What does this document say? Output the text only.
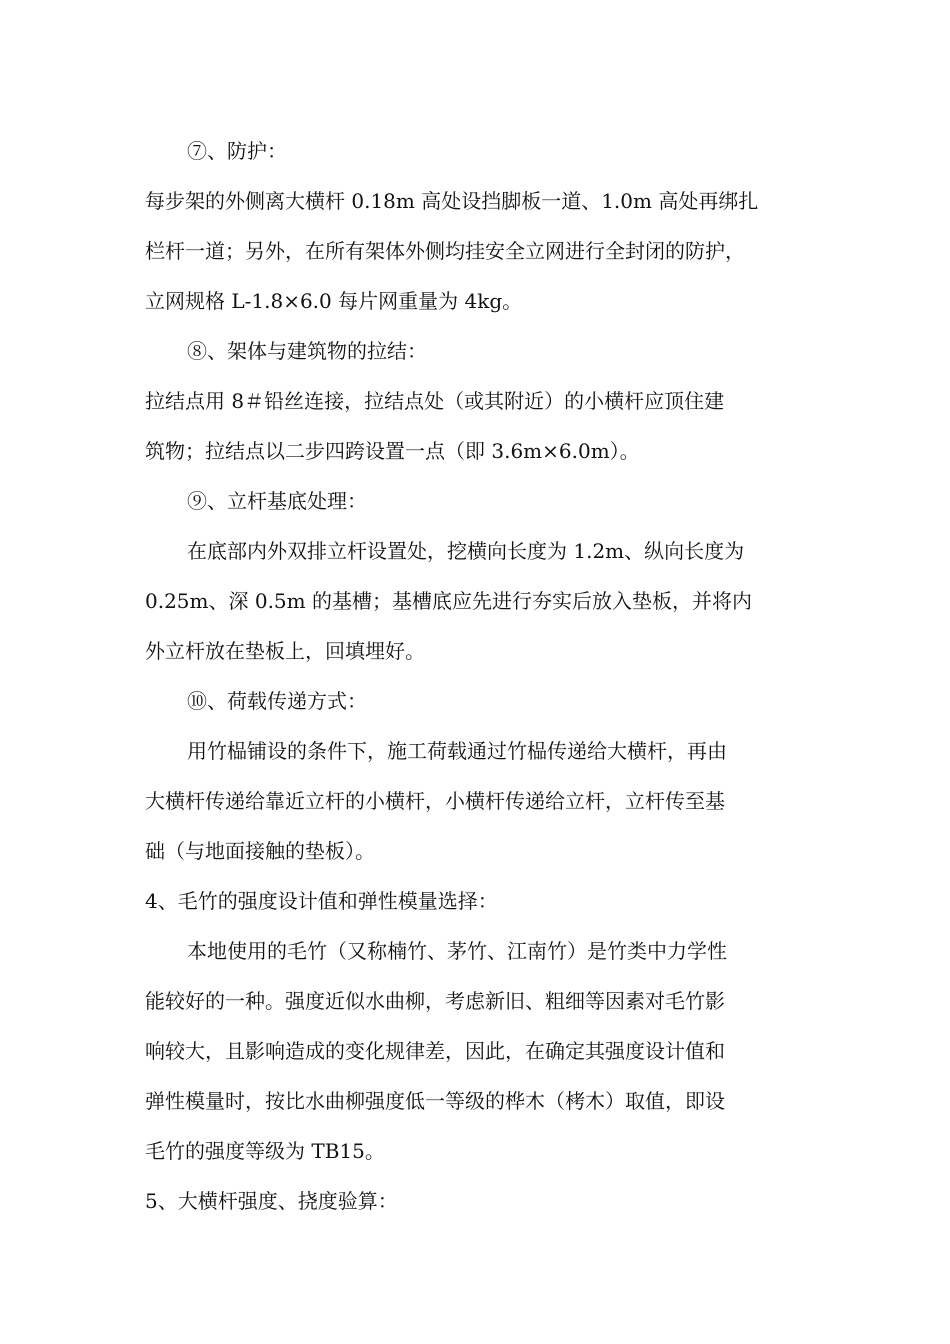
⑦、防护：
每步架的外侧离大横杆 0.18m 高处设挡脚板一道、1.0m 高处再绑扎
栏杆一道；另外，在所有架体外侧均挂安全立网进行全封闭的防护，
立网规格 L-1.8×6.0 每片网重量为 4kg。
⑧、架体与建筑物的拉结：
拉结点用 8＃铅丝连接，拉结点处（或其附近）的小横杆应顶住建
筑物；拉结点以二步四跨设置一点（即 3.6m×6.0m）。
⑨、立杆基底处理：
在底部内外双排立杆设置处，挖横向长度为 1.2m、纵向长度为
0.25m、深 0.5m 的基槽；基槽底应先进行夯实后放入垫板，并将内
外立杆放在垫板上，回填埋好。
⑩、荷载传递方式：
用竹榀铺设的条件下，施工荷载通过竹榀传递给大横杆，再由
大横杆传递给靠近立杆的小横杆，小横杆传递给立杆，立杆传至基
础（与地面接触的垫板）。
4、毛竹的强度设计值和弹性模量选择：
本地使用的毛竹（又称楠竹、茅竹、江南竹）是竹类中力学性
能较好的一种。强度近似水曲柳，考虑新旧、粗细等因素对毛竹影
响较大，且影响造成的变化规律差，因此，在确定其强度设计值和
弹性模量时，按比水曲柳强度低一等级的桦木（栲木）取值，即设
毛竹的强度等级为 TB15。
5、大横杆强度、挠度验算：
